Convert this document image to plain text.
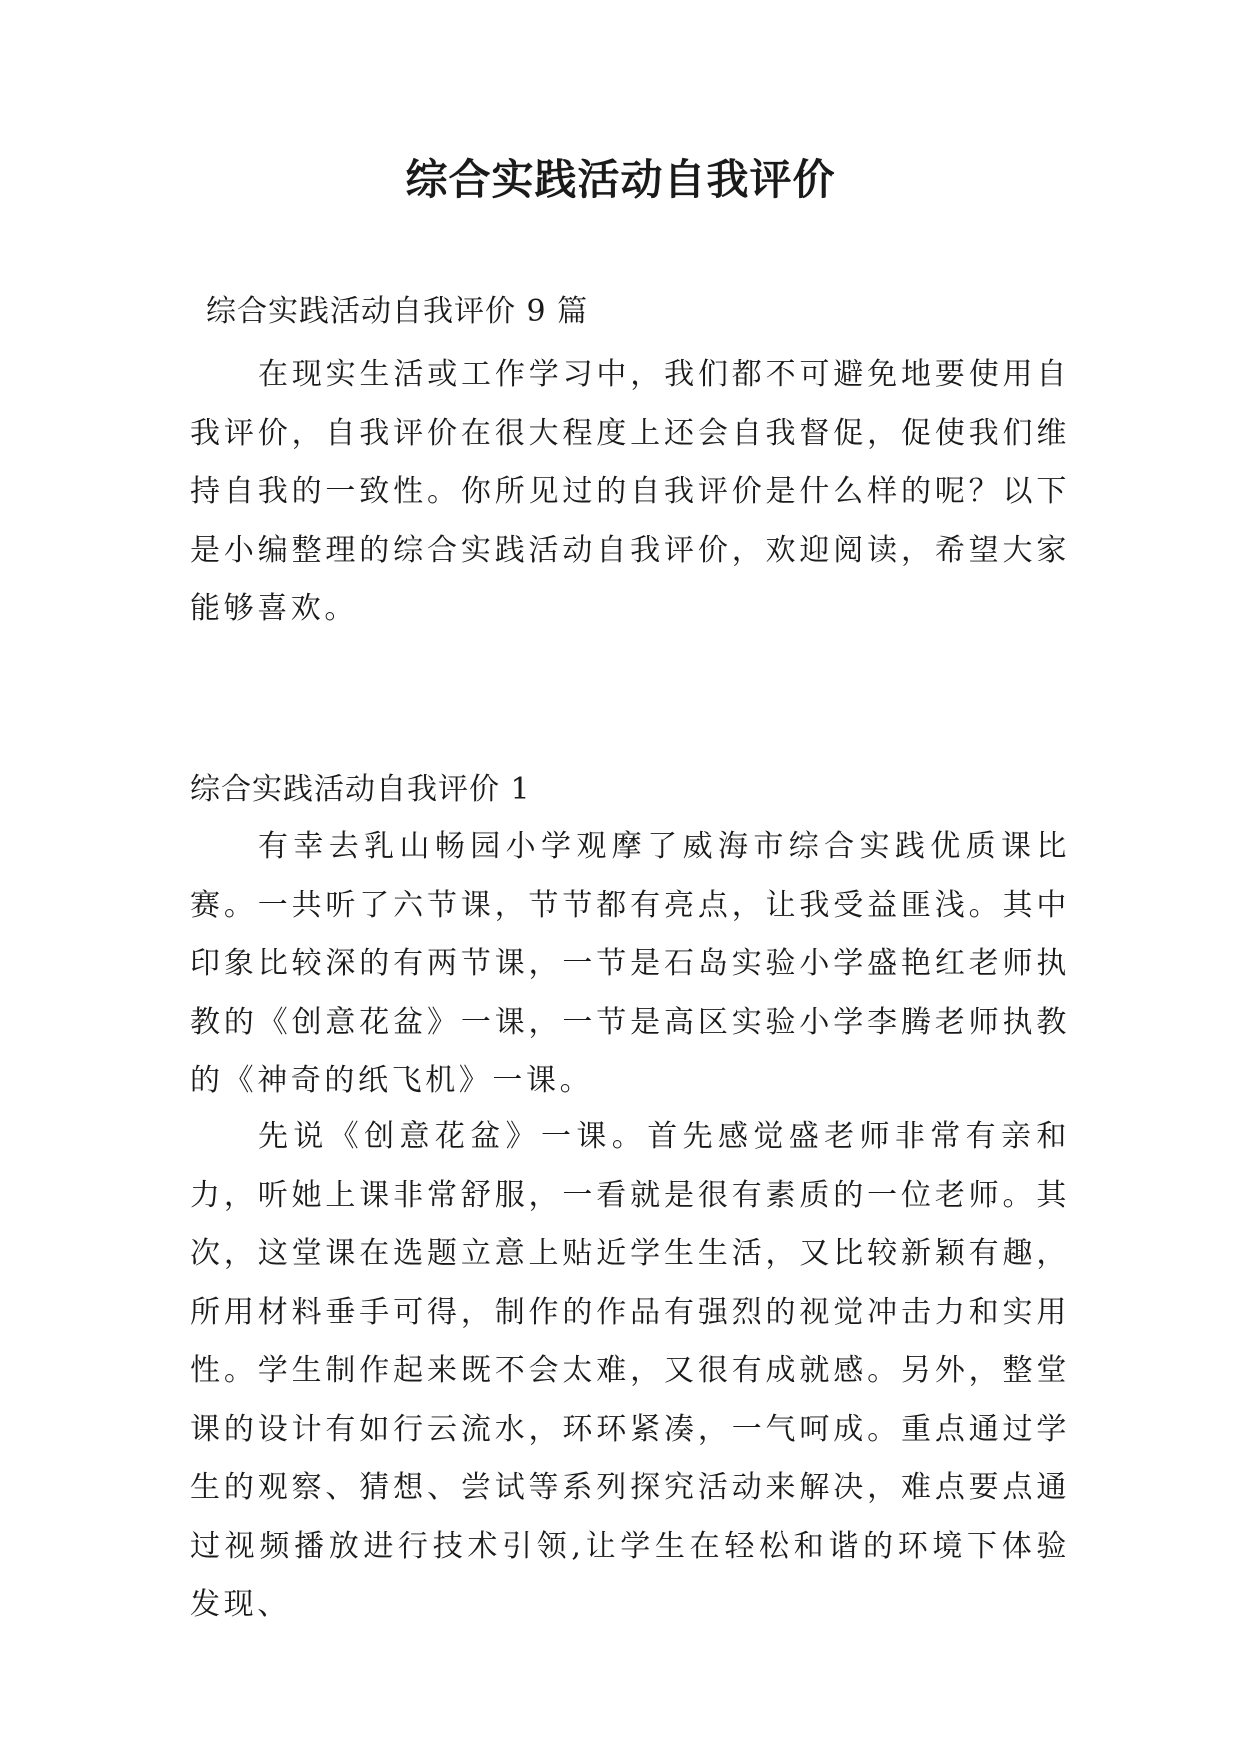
综合实践活动自我评价

综合实践活动自我评价 9 篇

在现实生活或工作学习中，我们都不可避免地要使用自我评价，自我评价在很大程度上还会自我督促，促使我们维持自我的一致性。你所见过的自我评价是什么样的呢？以下是小编整理的综合实践活动自我评价，欢迎阅读，希望大家能够喜欢。

综合实践活动自我评价 1

有幸去乳山畅园小学观摩了威海市综合实践优质课比赛。一共听了六节课，节节都有亮点，让我受益匪浅。其中印象比较深的有两节课，一节是石岛实验小学盛艳红老师执教的《创意花盆》一课，一节是高区实验小学李腾老师执教的《神奇的纸飞机》一课。

先说《创意花盆》一课。首先感觉盛老师非常有亲和力，听她上课非常舒服，一看就是很有素质的一位老师。其次，这堂课在选题立意上贴近学生生活，又比较新颖有趣，所用材料垂手可得，制作的作品有强烈的视觉冲击力和实用性。学生制作起来既不会太难，又很有成就感。另外，整堂课的设计有如行云流水，环环紧凑，一气呵成。重点通过学生的观察、猜想、尝试等系列探究活动来解决，难点要点通过视频播放进行技术引领,让学生在轻松和谐的环境下体验发现、
